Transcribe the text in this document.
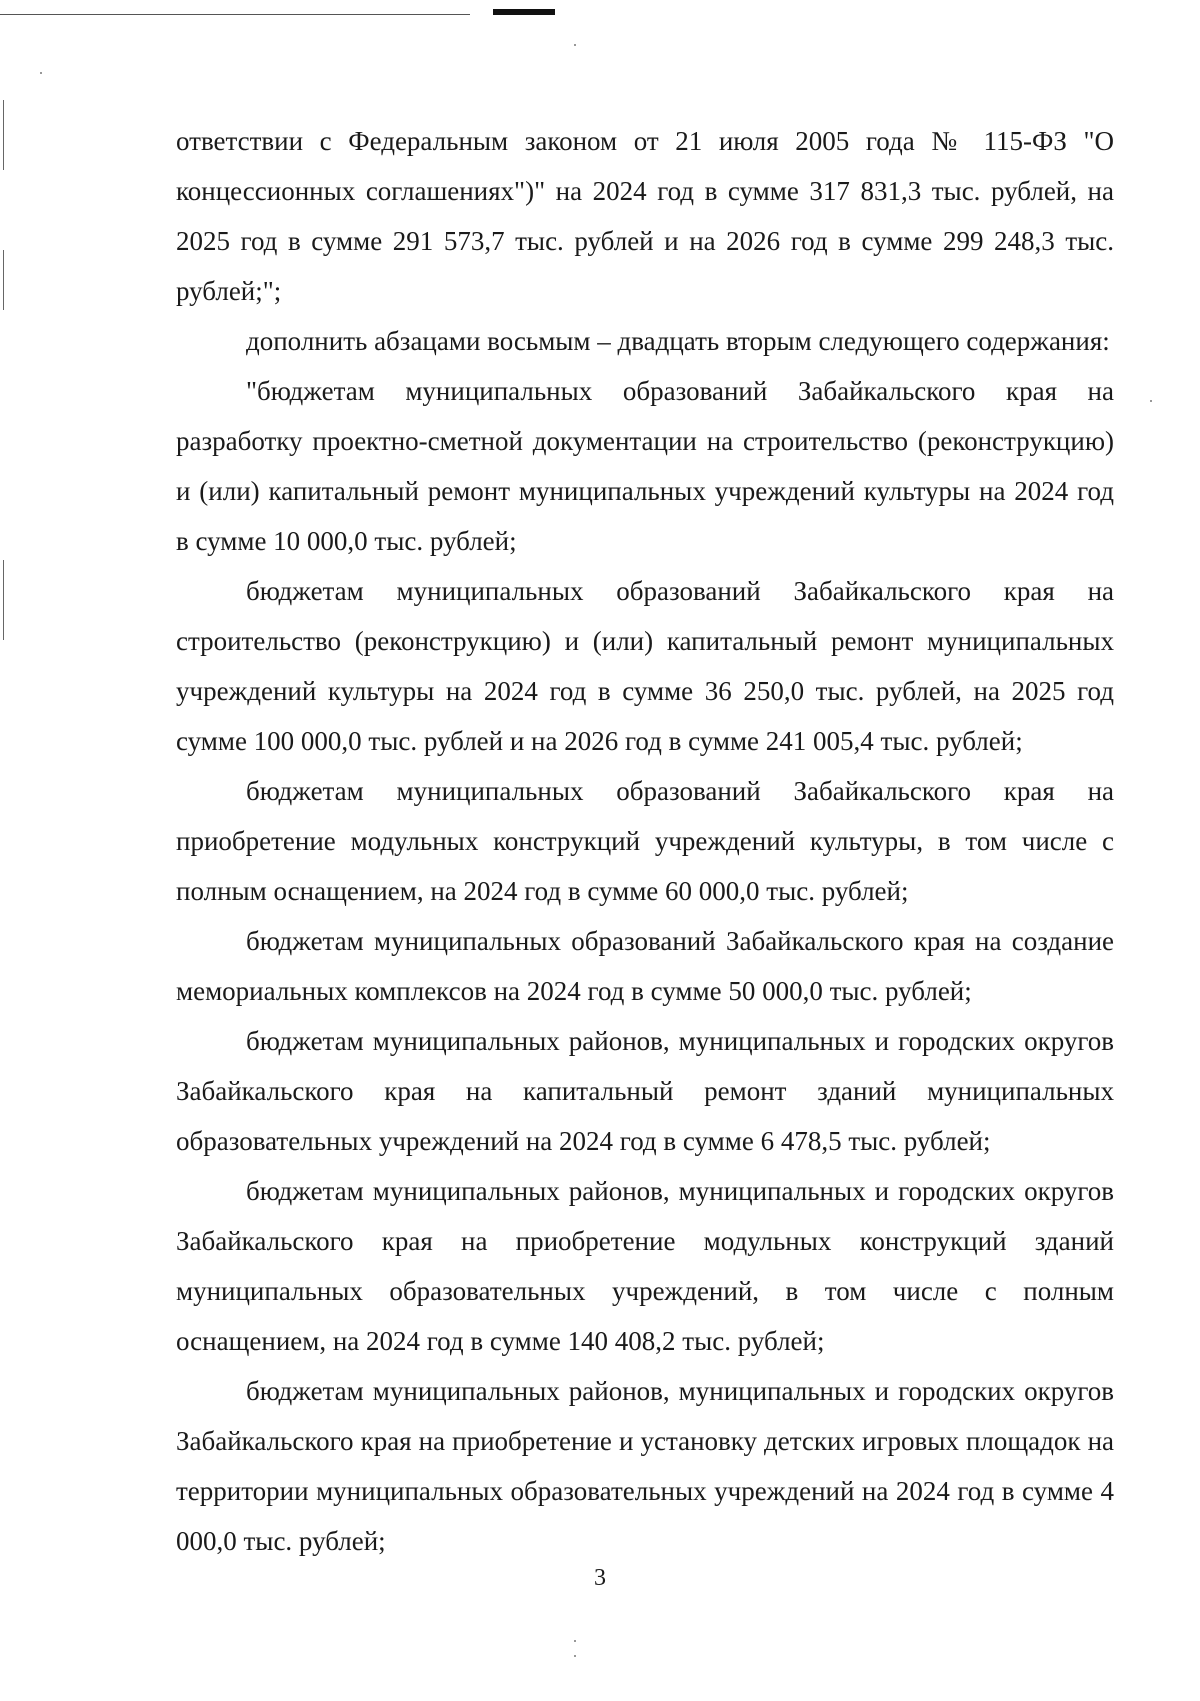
ответствии с Федеральным законом от 21 июля 2005 года № 115-ФЗ "О концессионных соглашениях")" на 2024 год в сумме 317 831,3 тыс. рублей, на 2025 год в сумме 291 573,7 тыс. рублей и на 2026 год в сумме 299 248,3 тыс. рублей;";

дополнить абзацами восьмым – двадцать вторым следующего содержания:

"бюджетам муниципальных образований Забайкальского края на разработку проектно-сметной документации на строительство (реконструкцию) и (или) капитальный ремонт муниципальных учреждений культуры на 2024 год в сумме 10 000,0 тыс. рублей;

бюджетам муниципальных образований Забайкальского края на строительство (реконструкцию) и (или) капитальный ремонт муниципальных учреждений культуры на 2024 год в сумме 36 250,0 тыс. рублей, на 2025 год сумме 100 000,0 тыс. рублей и на 2026 год в сумме 241 005,4 тыс. рублей;

бюджетам муниципальных образований Забайкальского края на приобретение модульных конструкций учреждений культуры, в том числе с полным оснащением, на 2024 год в сумме 60 000,0 тыс. рублей;

бюджетам муниципальных образований Забайкальского края на создание мемориальных комплексов на 2024 год в сумме 50 000,0 тыс. рублей;

бюджетам муниципальных районов, муниципальных и городских округов Забайкальского края на капитальный ремонт зданий муниципальных образовательных учреждений на 2024 год в сумме 6 478,5 тыс. рублей;

бюджетам муниципальных районов, муниципальных и городских округов Забайкальского края на приобретение модульных конструкций зданий муниципальных образовательных учреждений, в том числе с полным оснащением, на 2024 год в сумме 140 408,2 тыс. рублей;

бюджетам муниципальных районов, муниципальных и городских округов Забайкальского края на приобретение и установку детских игровых площадок на территории муниципальных образовательных учреждений на 2024 год в сумме 4 000,0 тыс. рублей;

3
